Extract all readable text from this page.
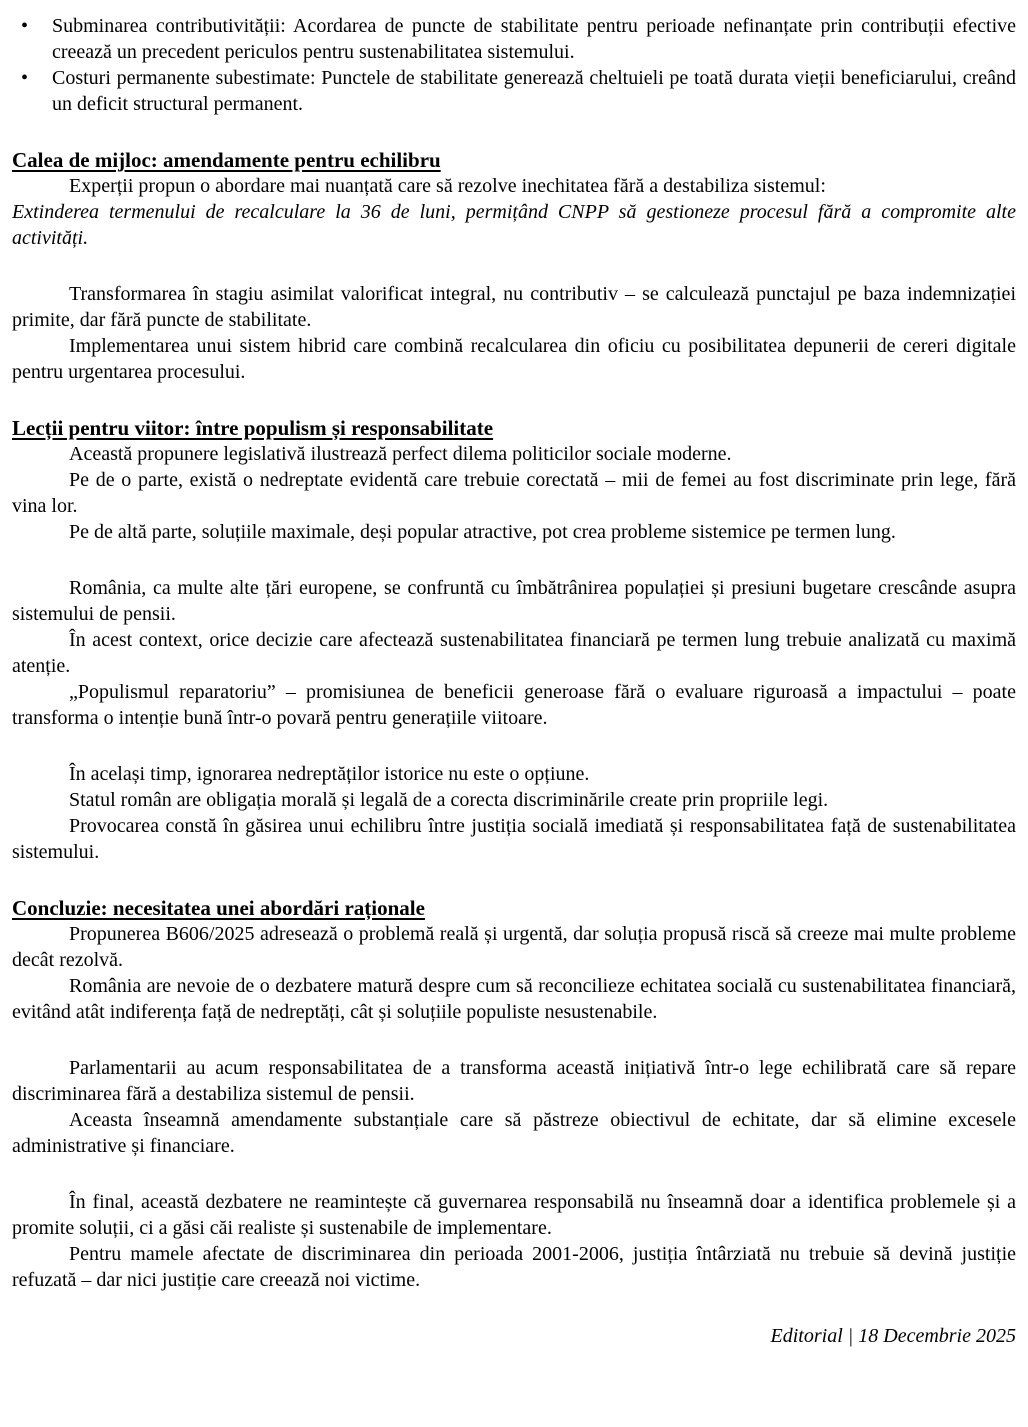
•	Subminarea contributivității: Acordarea de puncte de stabilitate pentru perioade nefinanțate prin contribuții efective creează un precedent periculos pentru sustenabilitatea sistemului.
•	Costuri permanente subestimate: Punctele de stabilitate generează cheltuieli pe toată durata vieții beneficiarului, creând un deficit structural permanent.
Calea de mijloc: amendamente pentru echilibru

Experții propun o abordare mai nuanțată care să rezolve inechitatea fără a destabiliza sistemul:

Extinderea termenului de recalculare la 36 de luni, permițând CNPP să gestioneze procesul fără a compromite alte activități.

Transformarea în stagiu asimilat valorificat integral, nu contributiv – se calculează punctajul pe baza indemnizației primite, dar fără puncte de stabilitate.

Implementarea unui sistem hibrid care combină recalcularea din oficiu cu posibilitatea depunerii de cereri digitale pentru urgentarea procesului.

Lecții pentru viitor: între populism și responsabilitate

Această propunere legislativă ilustrează perfect dilema politicilor sociale moderne.

Pe de o parte, există o nedreptate evidentă care trebuie corectată – mii de femei au fost discriminate prin lege, fără vina lor.

Pe de altă parte, soluțiile maximale, deși popular atractive, pot crea probleme sistemice pe termen lung.

România, ca multe alte țări europene, se confruntă cu îmbătrânirea populației și presiuni bugetare crescânde asupra sistemului de pensii.

În acest context, orice decizie care afectează sustenabilitatea financiară pe termen lung trebuie analizată cu maximă atenție.

„Populismul reparatoriu” – promisiunea de beneficii generoase fără o evaluare riguroasă a impactului – poate transforma o intenție bună într-o povară pentru generațiile viitoare.

În același timp, ignorarea nedreptăților istorice nu este o opțiune.

Statul român are obligația morală și legală de a corecta discriminările create prin propriile legi.

Provocarea constă în găsirea unui echilibru între justiția socială imediată și responsabilitatea față de sustenabilitatea sistemului.

Concluzie: necesitatea unei abordări raționale

Propunerea B606/2025 adresează o problemă reală și urgentă, dar soluția propusă riscă să creeze mai multe probleme decât rezolvă.

România are nevoie de o dezbatere matură despre cum să reconcilieze echitatea socială cu sustenabilitatea financiară, evitând atât indiferența față de nedreptăți, cât și soluțiile populiste nesustenabile.

Parlamentarii au acum responsabilitatea de a transforma această inițiativă într-o lege echilibrată care să repare discriminarea fără a destabiliza sistemul de pensii.

Aceasta înseamnă amendamente substanțiale care să păstreze obiectivul de echitate, dar să elimine excesele administrative și financiare.

În final, această dezbatere ne reamintește că guvernarea responsabilă nu înseamnă doar a identifica problemele și a promite soluții, ci a găsi căi realiste și sustenabile de implementare.

Pentru mamele afectate de discriminarea din perioada 2001-2006, justiția întârziată nu trebuie să devină justiție refuzată – dar nici justiție care creează noi victime.

Editorial | 18 Decembrie 2025
